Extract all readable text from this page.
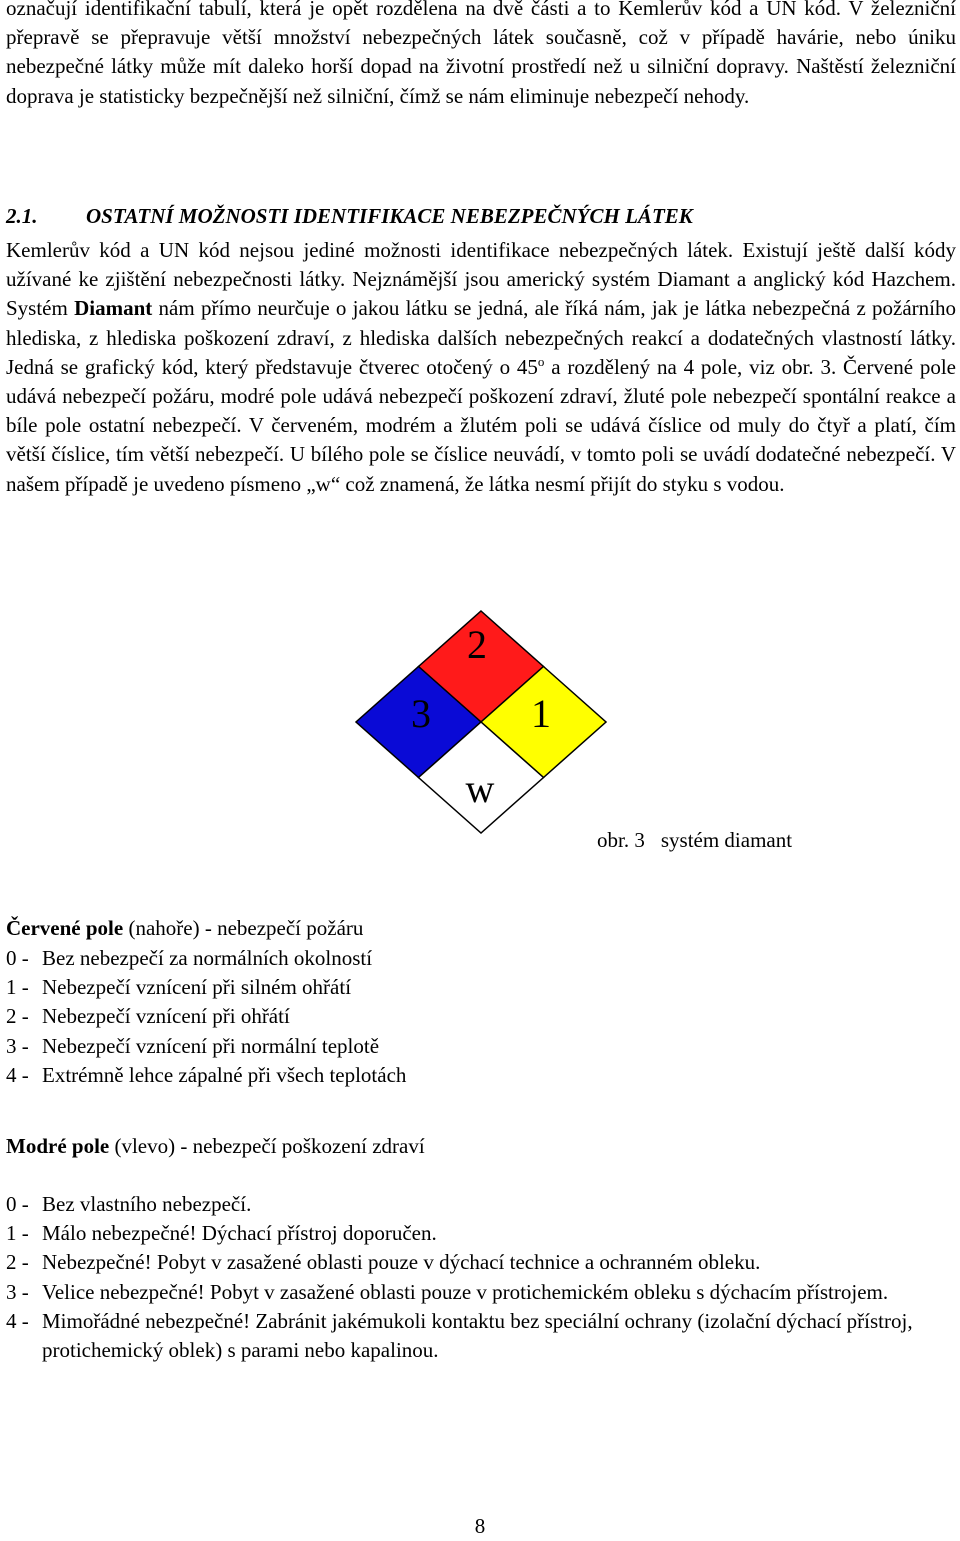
označují identifikační tabulí, která je opět rozdělena na dvě části a to Kemlerův kód a UN kód. V železniční přepravě se přepravuje větší množství nebezpečných látek současně, což v případě havárie, nebo úniku nebezpečné látky může mít daleko horší dopad na životní prostředí než u silniční dopravy. Naštěstí železniční doprava je statisticky bezpečnější než silniční, čímž se nám eliminuje nebezpečí nehody.

2.1. OSTATNÍ MOŽNOSTI IDENTIFIKACE NEBEZPEČNÝCH LÁTEK

Kemlerův kód a UN kód nejsou jediné možnosti identifikace nebezpečných látek. Existují ještě další kódy užívané ke zjištění nebezpečnosti látky. Nejznámější jsou americký systém Diamant a anglický kód Hazchem. Systém Diamant nám přímo neurčuje o jakou látku se jedná, ale říká nám, jak je látka nebezpečná z požárního hlediska, z hlediska poškození zdraví, z hlediska dalších nebezpečných reakcí a dodatečných vlastností látky. Jedná se grafický kód, který představuje čtverec otočený o 45$^o$ a rozdělený na 4 pole, viz obr. 3. Červené pole udává nebezpečí požáru, modré pole udává nebezpečí poškození zdraví, žluté pole nebezpečí spontální reakce a bíle pole ostatní nebezpečí. V červeném, modrém a žlutém poli se udává číslice od muly do čtyř a platí, čím větší číslice, tím větší nebezpečí. U bílého pole se číslice neuvádí, v tomto poli se uvádí dodatečné nebezpečí. V našem případě je uvedeno písmeno „w“ což znamená, že látka nesmí přijít do styku s vodou.

2
3	1
w
obr. 3 systém diamant

Červené pole (nahoře) - nebezpečí požáru

0 - Bez nebezpečí za normálních okolností
1 - Nebezpečí vznícení při silném ohřátí
2 - Nebezpečí vznícení při ohřátí
3 - Nebezpečí vznícení při normální teplotě
4 - Extrémně lehce zápalné při všech teplotách

Modré pole (vlevo) - nebezpečí poškození zdraví

0 - Bez vlastního nebezpečí.
1 - Málo nebezpečné! Dýchací přístroj doporučen.
2 - Nebezpečné! Pobyt v zasažené oblasti pouze v dýchací technice a ochranném obleku.
3 - Velice nebezpečné! Pobyt v zasažené oblasti pouze v protichemickém obleku s dýchacím přístrojem.
4 - Mimořádné nebezpečné! Zabránit jakémukoli kontaktu bez speciální ochrany (izolační dýchací přístroj, protichemický oblek) s parami nebo kapalinou.
8
